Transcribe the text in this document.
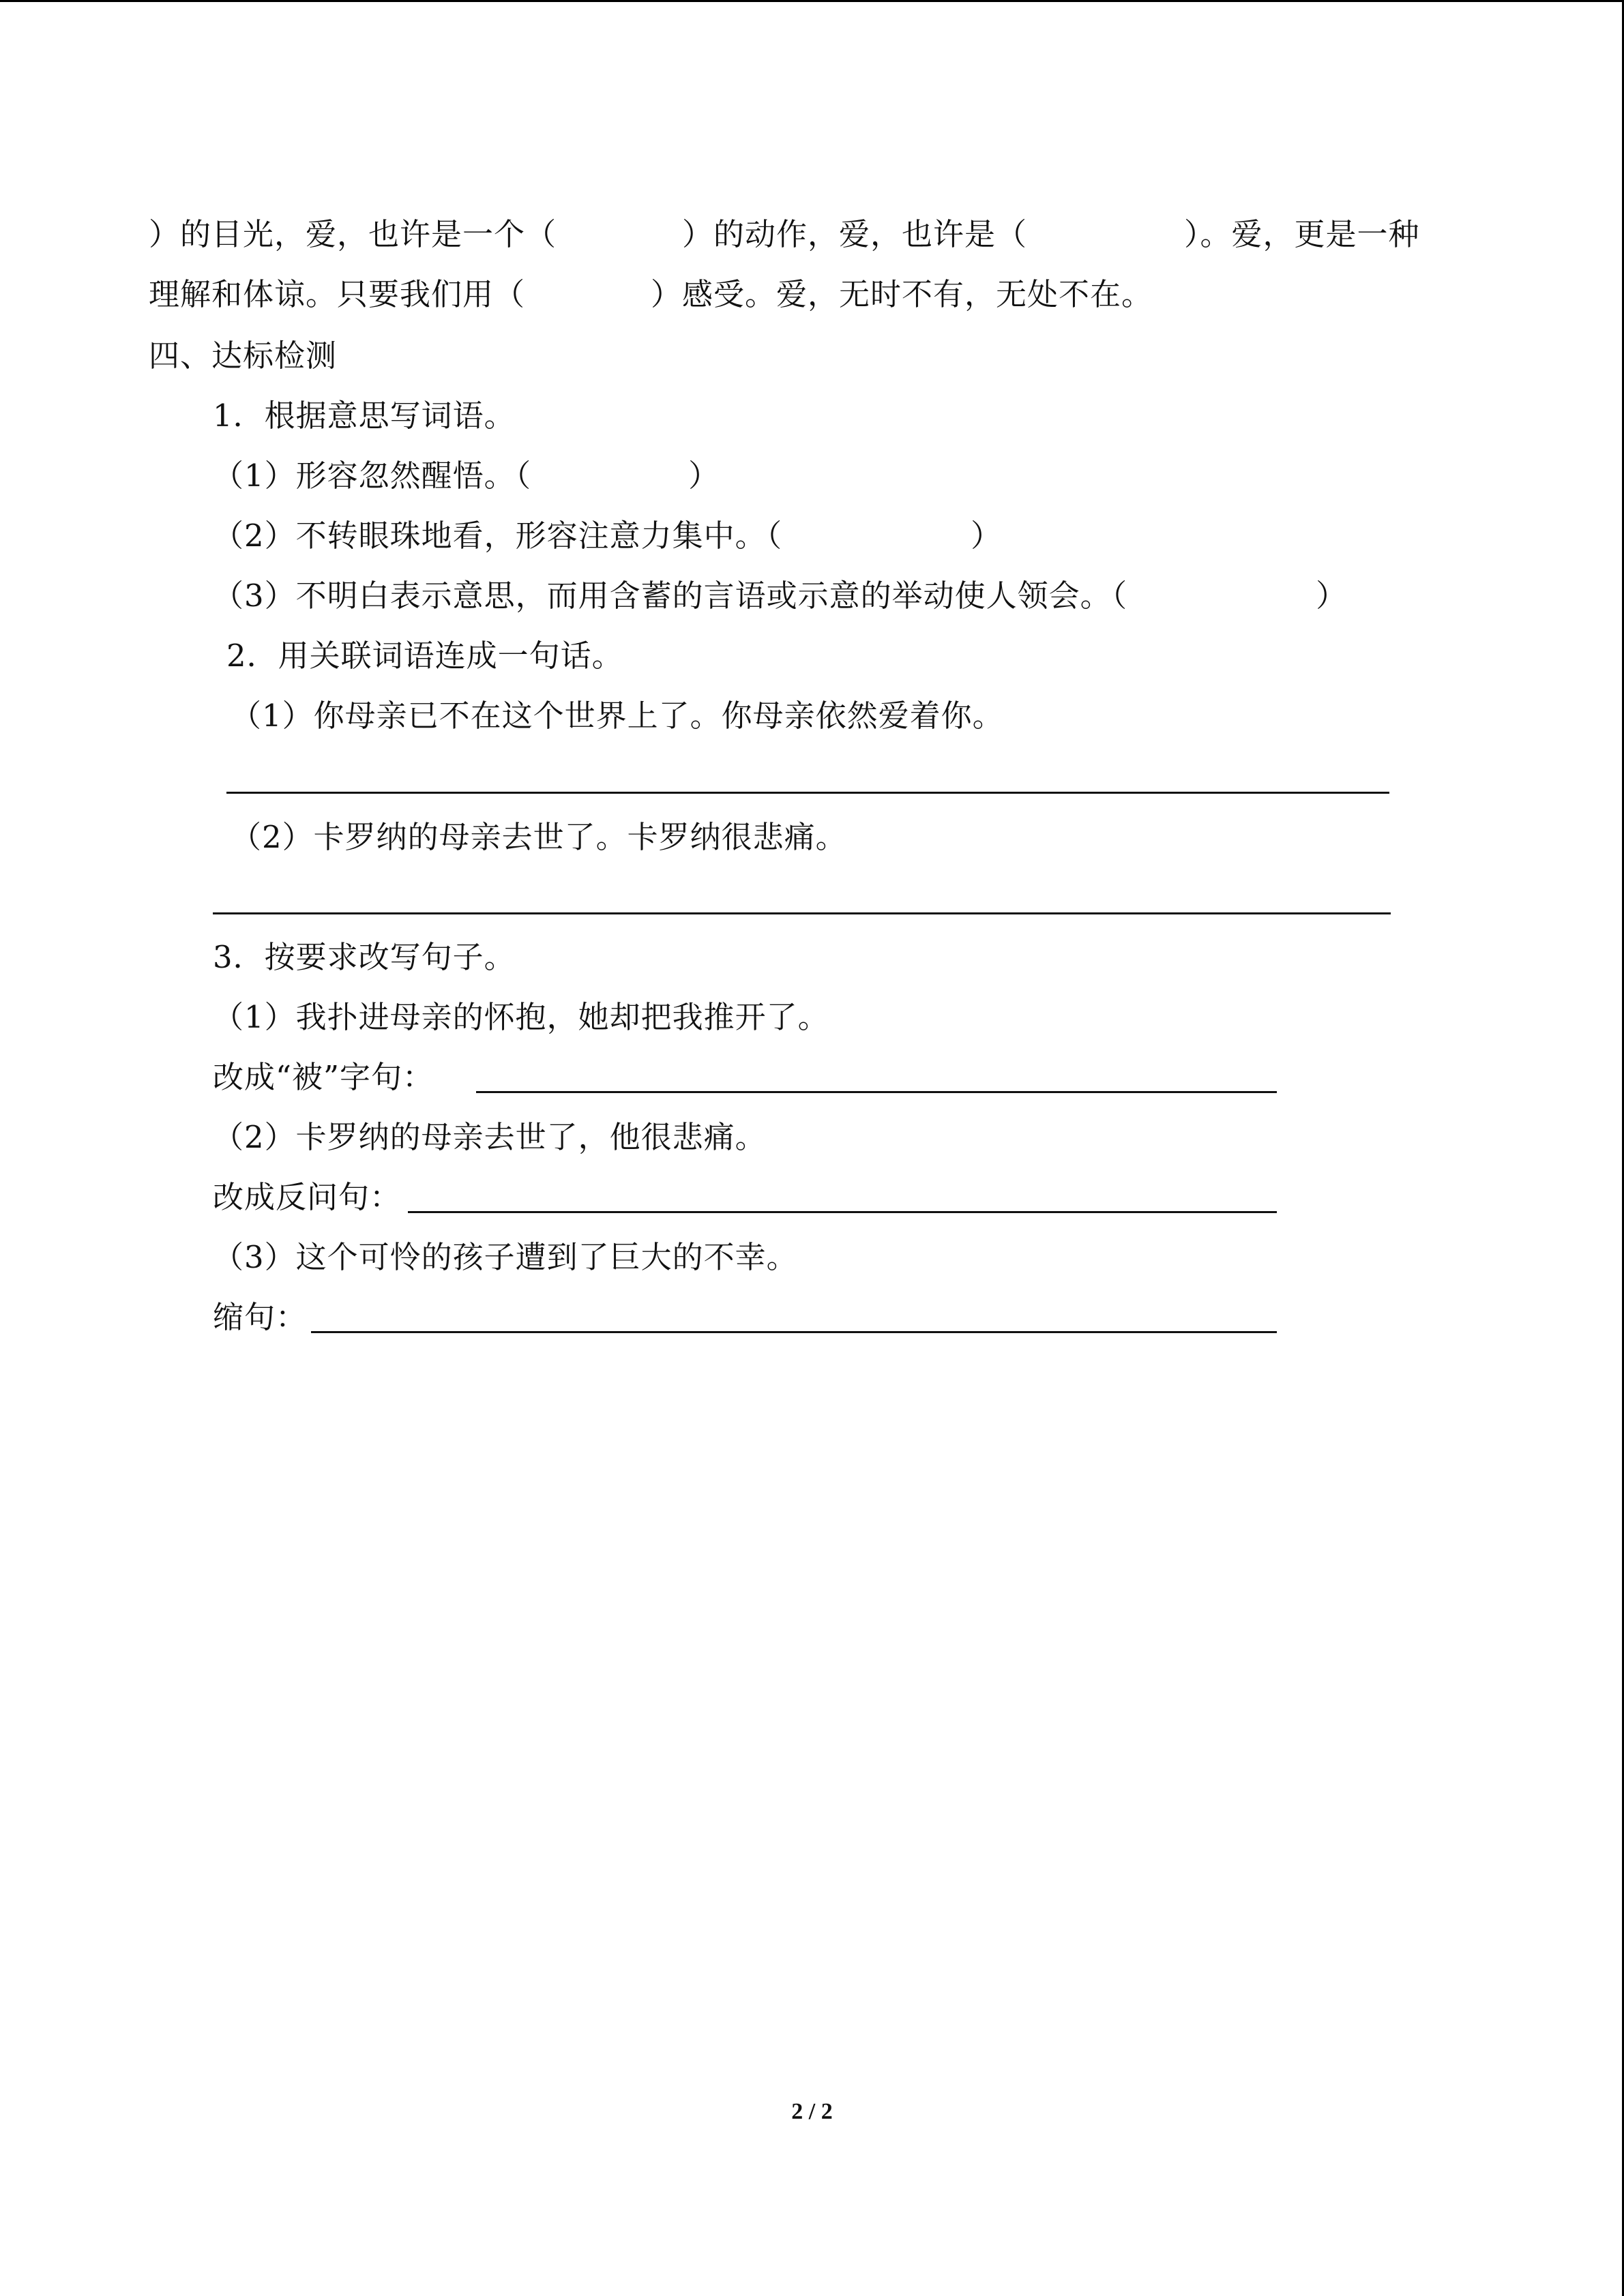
）的目光，爱，也许是一个（　　　　）的动作，爱，也许是（　　　　　）。爱，更是一种
理解和体谅。只要我们用（　　　　）感受。爱，无时不有，无处不在。
四、达标检测
1．根据意思写词语。
（1）形容忽然醒悟。（　　　　　）
（2）不转眼珠地看，形容注意力集中。（　　　　　　）
（3）不明白表示意思，而用含蓄的言语或示意的举动使人领会。（　　　　　　）
2．用关联词语连成一句话。
（1）你母亲已不在这个世界上了。你母亲依然爱着你。
（2）卡罗纳的母亲去世了。卡罗纳很悲痛。
3．按要求改写句子。
（1）我扑进母亲的怀抱，她却把我推开了。
改成“被”字句：
（2）卡罗纳的母亲去世了，他很悲痛。
改成反问句：
（3）这个可怜的孩子遭到了巨大的不幸。
缩句：
2 / 2
